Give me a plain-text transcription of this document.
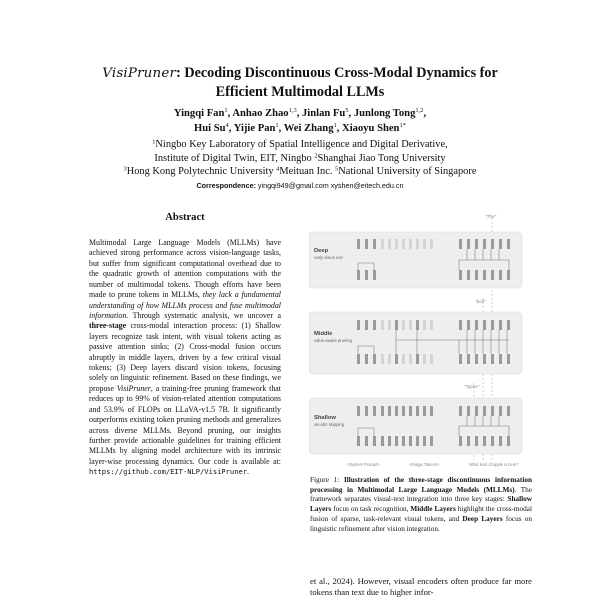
VisiPruner: Decoding Discontinuous Cross-Modal Dynamics for
Efficient Multimodal LLMs
Yingqi Fan$^1$, Anhao Zhao$^{1,3}$, Jinlan Fu$^5$, Junlong Tong$^{1,2}$,
Hui Su$^4$, Yijie Pan$^1$, Wei Zhang$^1$, Xiaoyu Shen$^{1*}$
$^1$Ningbo Key Laboratory of Spatial Intelligence and Digital Derivative,
Institute of Digital Twin, EIT, Ningbo $^2$Shanghai Jiao Tong University
$^3$Hong Kong Polytechnic University $^4$Meituan Inc. $^5$National University of Singapore
Correspondence: yingqi949@gmail.com xyshen@eitech.edu.cn
Abstract
Multimodal Large Language Models (MLLMs) have achieved strong performance across vision-language tasks, but suffer from significant computational overhead due to the quadratic growth of attention computations with the number of multimodal tokens. Though efforts have been made to prune tokens in MLLMs, they lack a fundamental understanding of how MLLMs process and fuse multimodal information. Through systematic analysis, we uncover a three-stage cross-modal interaction process: (1) Shallow layers recognize task intent, with visual tokens acting as passive attention sinks; (2) Cross-modal fusion occurs abruptly in middle layers, driven by a few critical visual tokens; (3) Deep layers discard vision tokens, focusing solely on linguistic refinement. Based on these findings, we propose VisiPruner, a training-free pruning framework that reduces up to 99% of vision-related attention computations and 53.9% of FLOPs on LLaVA-v1.5 7B. It significantly outperforms existing token pruning methods and generalizes across diverse MLLMs. Beyond pruning, our insights further provide actionable guidelines for training efficient MLLMs by aligning model architecture with its intrinsic layer-wise processing dynamics. Our code is available at: https://github.com/EIT-NLP/VisiPruner.
Deep
early vision exit
Middle
value-aware pruning
Shallow
vis-attn skipping
"The"
"ball"
"Types"
<System Prompt>	<Image Tokens>	What kind of apple is here?
Figure 1: Illustration of the three-stage discontinuous information processing in Multimodal Large Language Models (MLLMs). The framework separates visual-text integration into three key stages: Shallow Layers focus on task recognition, Middle Layers highlight the cross-modal fusion of sparse, task-relevant visual tokens, and Deep Layers focus on linguistic refinement after vision integration.
et al., 2024). However, visual encoders often produce far more tokens than text due to higher infor-
